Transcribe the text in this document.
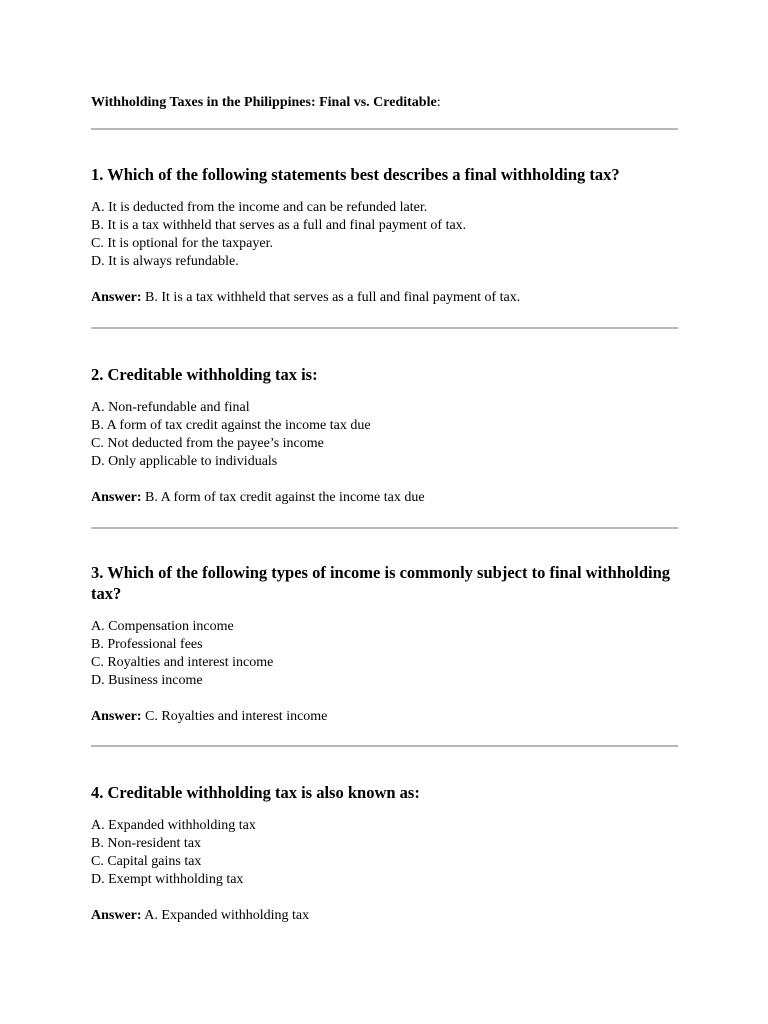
Withholding Taxes in the Philippines: Final vs. Creditable:

1. Which of the following statements best describes a final withholding tax?

A. It is deducted from the income and can be refunded later.
B. It is a tax withheld that serves as a full and final payment of tax.
C. It is optional for the taxpayer.
D. It is always refundable.
Answer: B. It is a tax withheld that serves as a full and final payment of tax.

2. Creditable withholding tax is:

A. Non-refundable and final
B. A form of tax credit against the income tax due
C. Not deducted from the payee’s income
D. Only applicable to individuals
Answer: B. A form of tax credit against the income tax due

3. Which of the following types of income is commonly subject to final withholding tax?

A. Compensation income
B. Professional fees
C. Royalties and interest income
D. Business income
Answer: C. Royalties and interest income

4. Creditable withholding tax is also known as:

A. Expanded withholding tax
B. Non-resident tax
C. Capital gains tax
D. Exempt withholding tax
Answer: A. Expanded withholding tax
